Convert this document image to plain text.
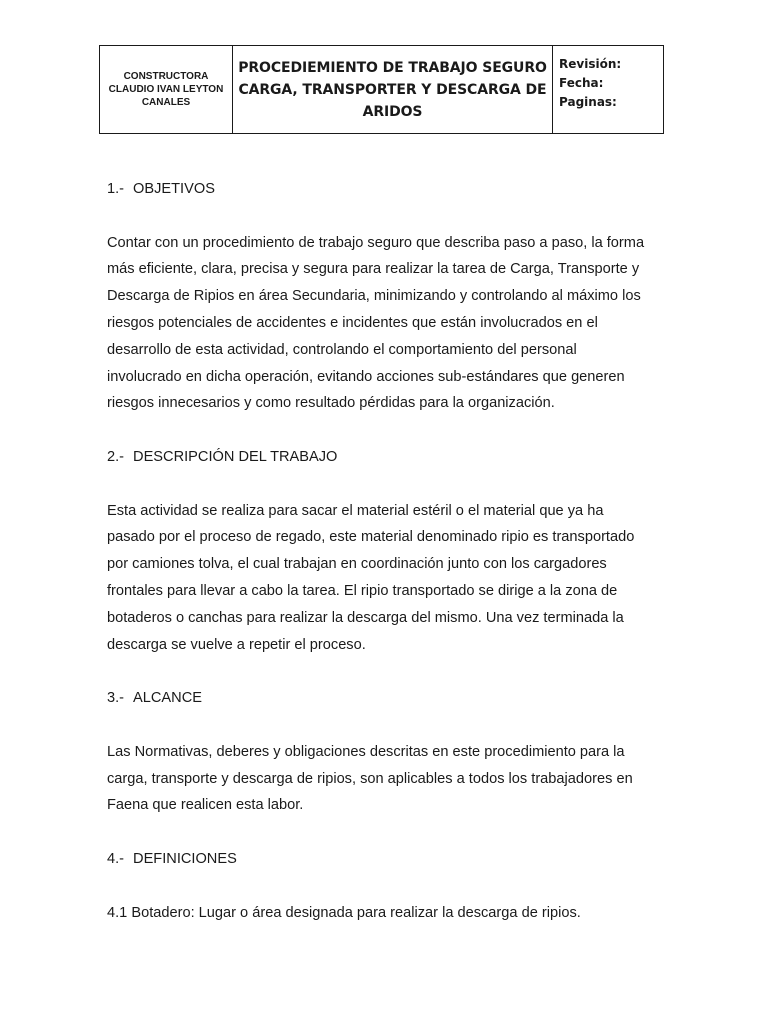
CONSTRUCTORA
CLAUDIO IVAN LEYTON
CANALES
PROCEDIEMIENTO DE TRABAJO SEGURO
CARGA, TRANSPORTER Y DESCARGA DE
ARIDOS
Revisión:
Fecha:
Paginas:

1.- OBJETIVOS

Contar con un procedimiento de trabajo seguro que describa paso a paso, la forma
más eficiente, clara, precisa y segura para realizar la tarea de Carga, Transporte y
Descarga de Ripios en área Secundaria, minimizando y controlando al máximo los
riesgos potenciales de accidentes e incidentes que están involucrados en el
desarrollo de esta actividad, controlando el comportamiento del personal
involucrado en dicha operación, evitando acciones sub-estándares que generen
riesgos innecesarios y como resultado pérdidas para la organización.

2.- DESCRIPCIÓN DEL TRABAJO

Esta actividad se realiza para sacar el material estéril o el material que ya ha
pasado por el proceso de regado, este material denominado ripio es transportado
por camiones tolva, el cual trabajan en coordinación junto con los cargadores
frontales para llevar a cabo la tarea. El ripio transportado se dirige a la zona de
botaderos o canchas para realizar la descarga del mismo. Una vez terminada la
descarga se vuelve a repetir el proceso.

3.- ALCANCE

Las Normativas, deberes y obligaciones descritas en este procedimiento para la
carga, transporte y descarga de ripios, son aplicables a todos los trabajadores en
Faena que realicen esta labor.

4.- DEFINICIONES

4.1 Botadero: Lugar o área designada para realizar la descarga de ripios.
